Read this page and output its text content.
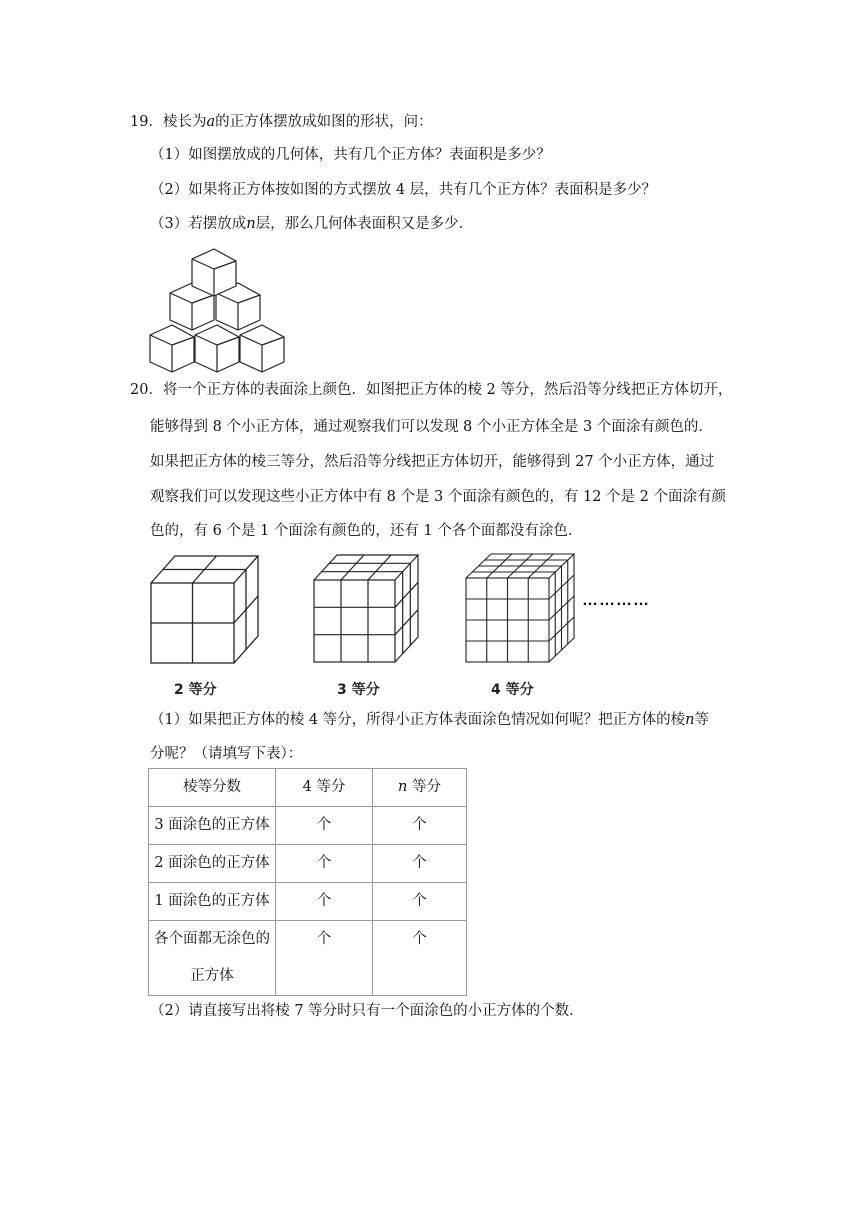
19．棱长为a的正方体摆放成如图的形状，问：
（1）如图摆放成的几何体，共有几个正方体？表面积是多少？
（2）如果将正方体按如图的方式摆放 4 层，共有几个正方体？表面积是多少？
（3）若摆放成n层，那么几何体表面积又是多少．
20．将一个正方体的表面涂上颜色．如图把正方体的棱 2 等分，然后沿等分线把正方体切开，
能够得到 8 个小正方体，通过观察我们可以发现 8 个小正方体全是 3 个面涂有颜色的．
如果把正方体的棱三等分，然后沿等分线把正方体切开，能够得到 27 个小正方体，通过
观察我们可以发现这些小正方体中有 8 个是 3 个面涂有颜色的，有 12 个是 2 个面涂有颜
色的，有 6 个是 1 个面涂有颜色的，还有 1 个各个面都没有涂色．
…………
2 等分	3 等分	4 等分
（1）如果把正方体的棱 4 等分，所得小正方体表面涂色情况如何呢？把正方体的棱n等
分呢？（请填写下表）：
棱等分数	4 等分	n 等分
3 面涂色的正方体	个	个
2 面涂色的正方体	个	个
1 面涂色的正方体	个	个

各个面都无涂色的
正方体	个	个
（2）请直接写出将棱 7 等分时只有一个面涂色的小正方体的个数．
